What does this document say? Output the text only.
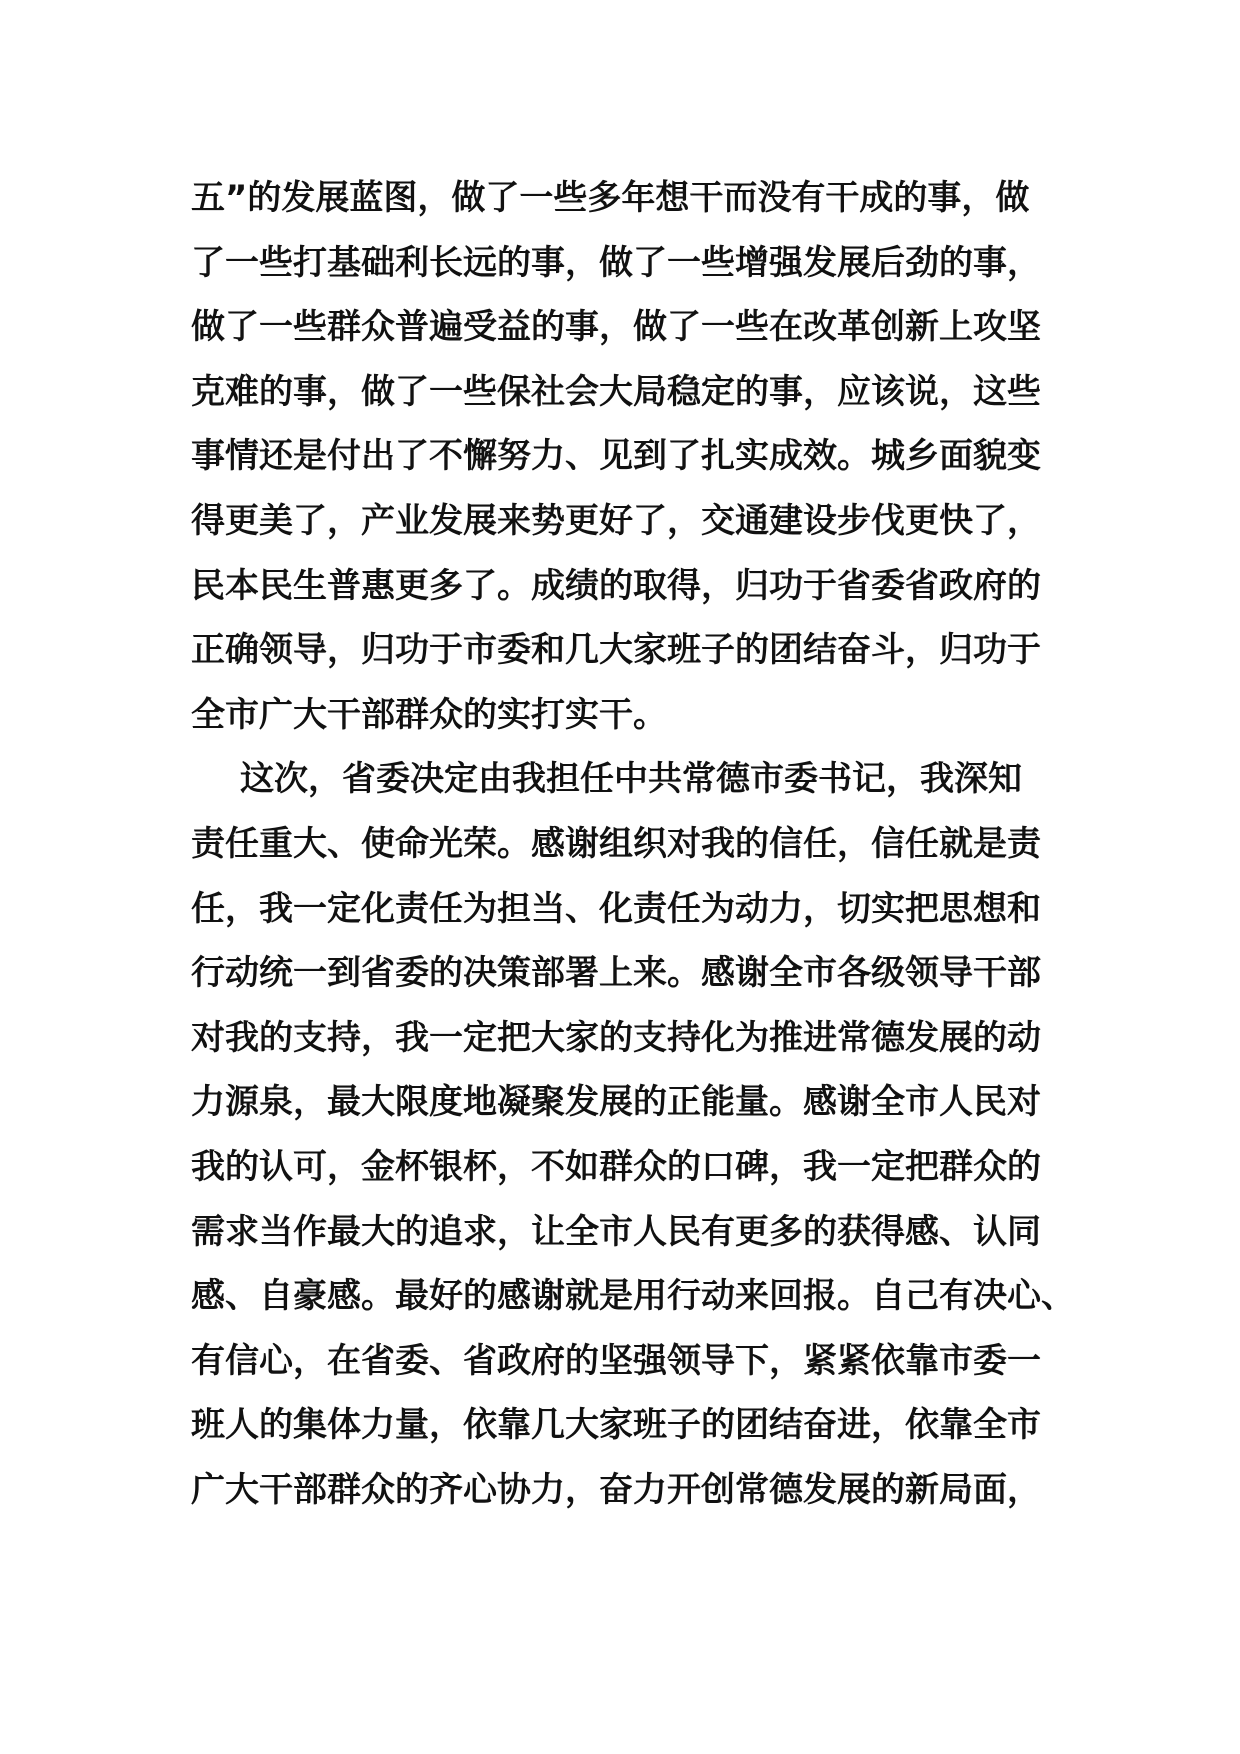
五”的发展蓝图，做了一些多年想干而没有干成的事，做
了一些打基础利长远的事，做了一些增强发展后劲的事，
做了一些群众普遍受益的事，做了一些在改革创新上攻坚
克难的事，做了一些保社会大局稳定的事，应该说，这些
事情还是付出了不懈努力、见到了扎实成效。城乡面貌变
得更美了，产业发展来势更好了，交通建设步伐更快了，
民本民生普惠更多了。成绩的取得，归功于省委省政府的
正确领导，归功于市委和几大家班子的团结奋斗，归功于
全市广大干部群众的实打实干。
这次，省委决定由我担任中共常德市委书记，我深知
责任重大、使命光荣。感谢组织对我的信任，信任就是责
任，我一定化责任为担当、化责任为动力，切实把思想和
行动统一到省委的决策部署上来。感谢全市各级领导干部
对我的支持，我一定把大家的支持化为推进常德发展的动
力源泉，最大限度地凝聚发展的正能量。感谢全市人民对
我的认可，金杯银杯，不如群众的口碑，我一定把群众的
需求当作最大的追求，让全市人民有更多的获得感、认同
感、自豪感。最好的感谢就是用行动来回报。自己有决心、
有信心，在省委、省政府的坚强领导下，紧紧依靠市委一
班人的集体力量，依靠几大家班子的团结奋进，依靠全市
广大干部群众的齐心协力，奋力开创常德发展的新局面，
